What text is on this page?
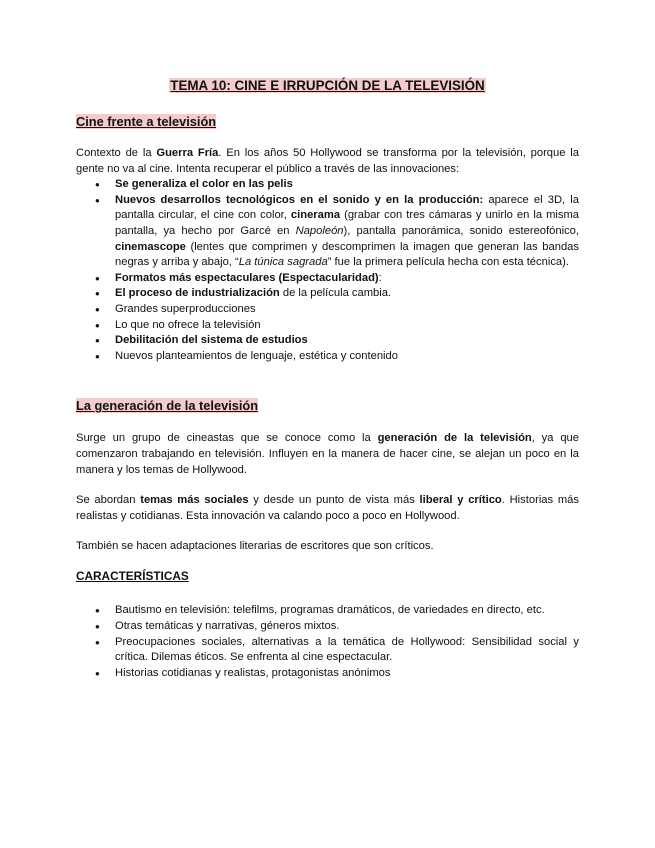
TEMA 10: CINE E IRRUPCIÓN DE LA TELEVISIÓN
Cine frente a televisión

Contexto de la Guerra Fría. En los años 50 Hollywood se transforma por la televisión, porque la gente no va al cine. Intenta recuperar el público a través de las innovaciones:

● Se generaliza el color en las pelis
● Nuevos desarrollos tecnológicos en el sonido y en la producción: aparece el 3D, la pantalla circular, el cine con color, cinerama (grabar con tres cámaras y unirlo en la misma pantalla, ya hecho por Garcé en Napoleón), pantalla panorámica, sonido estereofónico, cinemascope (lentes que comprimen y descomprimen la imagen que generan las bandas negras y arriba y abajo, “La túnica sagrada” fue la primera película hecha con esta técnica).
● Formatos más espectaculares (Espectacularidad):
● El proceso de industrialización de la película cambia.
● Grandes superproducciones
● Lo que no ofrece la televisión
● Debilitación del sistema de estudios
● Nuevos planteamientos de lenguaje, estética y contenido
La generación de la televisión

Surge un grupo de cineastas que se conoce como la generación de la televisión, ya que comenzaron trabajando en televisión. Influyen en la manera de hacer cine, se alejan un poco en la manera y los temas de Hollywood.

Se abordan temas más sociales y desde un punto de vista más liberal y crítico. Historias más realistas y cotidianas. Esta innovación va calando poco a poco en Hollywood.

También se hacen adaptaciones literarias de escritores que son críticos.

CARACTERÍSTICAS
● Bautismo en televisión: telefilms, programas dramáticos, de variedades en directo, etc.
● Otras temáticas y narrativas, géneros mixtos.
● Preocupaciones sociales, alternativas a la temática de Hollywood: Sensibilidad social y crítica. Dilemas éticos. Se enfrenta al cine espectacular.
● Historias cotidianas y realistas, protagonistas anónimos
